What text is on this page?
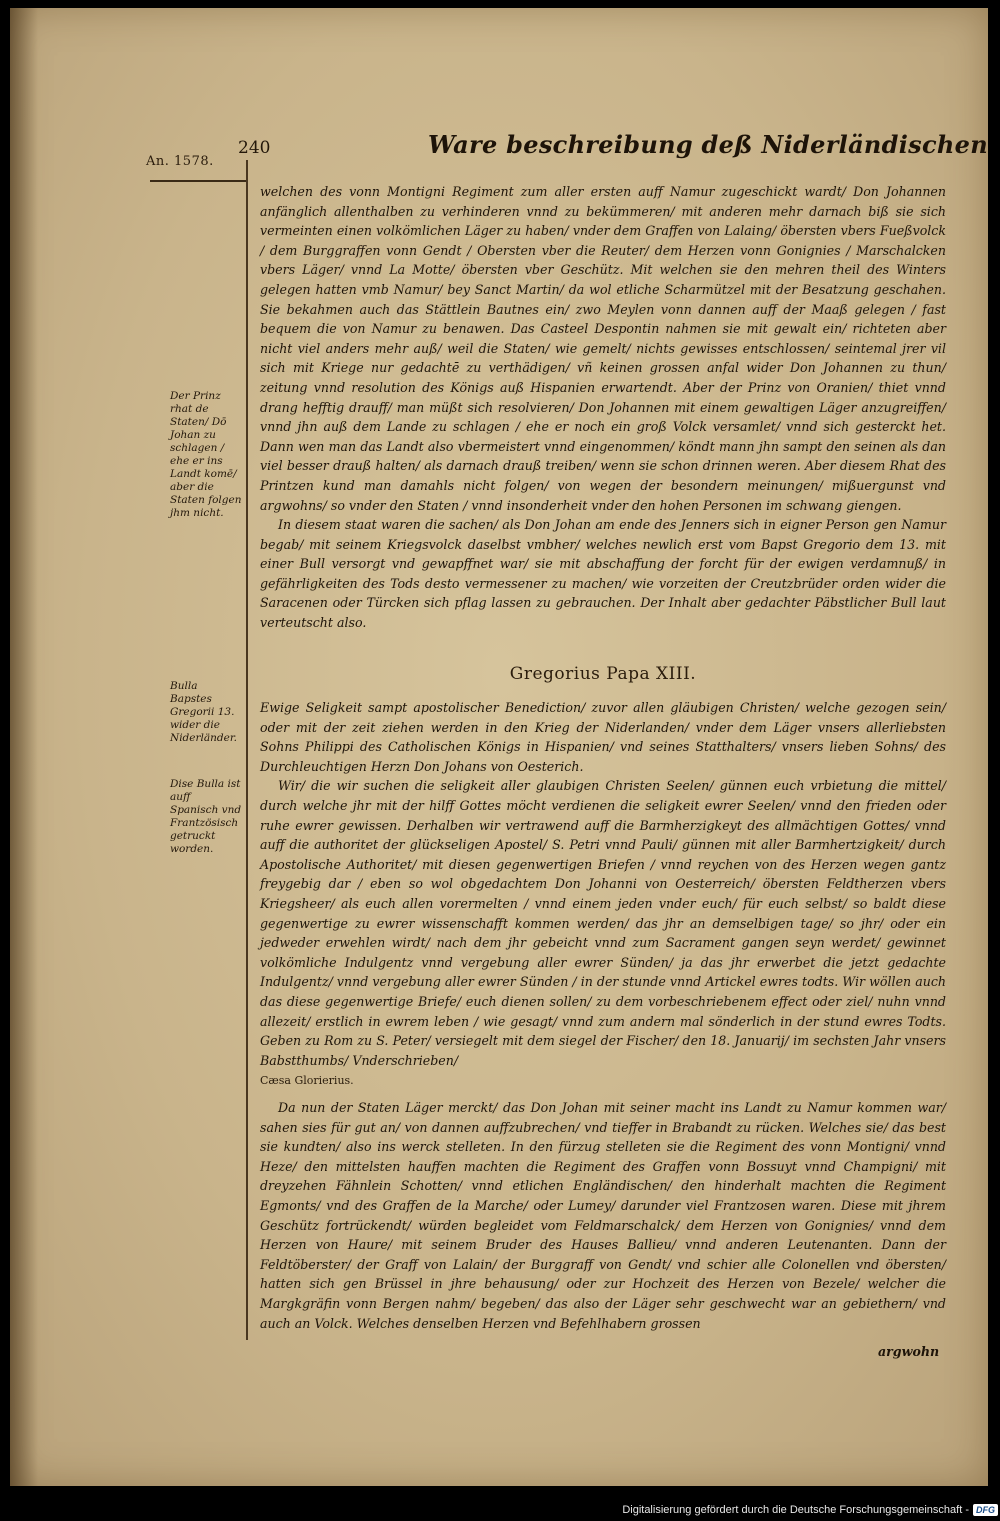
An. 1578.
240	Ware beschreibung deß Niderländischen
Der Prinz rhat de Staten/ Dō Johan zu schlagen / ehe er ins Landt komē/ aber die Staten folgen jhm nicht.
Bulla Bapstes Gregorii 13. wider die Niderländer.
Dise Bulla ist auff Spanisch vnd Frantzösisch getruckt worden.

welchen des vonn Montigni Regiment zum aller ersten auff Namur zugeschickt wardt/ Don Johannen anfänglich allenthalben zu verhinderen vnnd zu bekümmeren/ mit anderen mehr darnach biß sie sich vermeinten einen volkömlichen Läger zu haben/ vnder dem Graffen von Lalaing/ öbersten vbers Fueßvolck / dem Burggraffen vonn Gendt / Obersten vber die Reuter/ dem Herzen vonn Gonignies / Marschalcken vbers Läger/ vnnd La Motte/ öbersten vber Geschütz. Mit welchen sie den mehren theil des Winters gelegen hatten vmb Namur/ bey Sanct Martin/ da wol etliche Scharmützel mit der Besatzung geschahen. Sie bekahmen auch das Stättlein Bautnes ein/ zwo Meylen vonn dannen auff der Maaß gelegen / fast bequem die von Namur zu benawen. Das Casteel Despontin nahmen sie mit gewalt ein/ richteten aber nicht viel anders mehr auß/ weil die Staten/ wie gemelt/ nichts gewisses entschlossen/ seintemal jrer vil sich mit Kriege nur gedachtē zu verthädigen/ vñ keinen grossen anfal wider Don Johannen zu thun/ zeitung vnnd resolution des Königs auß Hispanien erwartendt. Aber der Prinz von Oranien/ thiet vnnd drang hefftig drauff/ man müßt sich resolvieren/ Don Johannen mit einem gewaltigen Läger anzugreiffen/ vnnd jhn auß dem Lande zu schlagen / ehe er noch ein groß Volck versamlet/ vnnd sich gesterckt het. Dann wen man das Landt also vbermeistert vnnd eingenommen/ köndt mann jhn sampt den seinen als dan viel besser drauß halten/ als darnach drauß treiben/ wenn sie schon drinnen weren. Aber diesem Rhat des Printzen kund man damahls nicht folgen/ von wegen der besondern meinungen/ mißuergunst vnd argwohns/ so vnder den Staten / vnnd insonderheit vnder den hohen Personen im schwang giengen.

In diesem staat waren die sachen/ als Don Johan am ende des Jenners sich in eigner Person gen Namur begab/ mit seinem Kriegsvolck daselbst vmbher/ welches newlich erst vom Bapst Gregorio dem 13. mit einer Bull versorgt vnd gewapffnet war/ sie mit abschaffung der forcht für der ewigen verdamnuß/ in gefährligkeiten des Tods desto vermessener zu machen/ wie vorzeiten der Creutzbrüder orden wider die Saracenen oder Türcken sich pflag lassen zu gebrauchen. Der Inhalt aber gedachter Päbstlicher Bull laut verteutscht also.

Gregorius Papa XIII.

Ewige Seligkeit sampt apostolischer Benediction/ zuvor allen gläubigen Christen/ welche gezogen sein/ oder mit der zeit ziehen werden in den Krieg der Niderlanden/ vnder dem Läger vnsers allerliebsten Sohns Philippi des Catholischen Königs in Hispanien/ vnd seines Statthalters/ vnsers lieben Sohns/ des Durchleuchtigen Herzn Don Johans von Oesterich.

Wir/ die wir suchen die seligkeit aller glaubigen Christen Seelen/ günnen euch vrbietung die mittel/ durch welche jhr mit der hilff Gottes möcht verdienen die seligkeit ewrer Seelen/ vnnd den frieden oder ruhe ewrer gewissen. Derhalben wir vertrawend auff die Barmherzigkeyt des allmächtigen Gottes/ vnnd auff die authoritet der glückseligen Apostel/ S. Petri vnnd Pauli/ günnen mit aller Barmhertzigkeit/ durch Apostolische Authoritet/ mit diesen gegenwertigen Briefen / vnnd reychen von des Herzen wegen gantz freygebig dar / eben so wol obgedachtem Don Johanni von Oesterreich/ öbersten Feldtherzen vbers Kriegsheer/ als euch allen vorermelten / vnnd einem jeden vnder euch/ für euch selbst/ so baldt diese gegenwertige zu ewrer wissenschafft kommen werden/ das jhr an demselbigen tage/ so jhr/ oder ein jedweder erwehlen wirdt/ nach dem jhr gebeicht vnnd zum Sacrament gangen seyn werdet/ gewinnet volkömliche Indulgentz vnnd vergebung aller ewrer Sünden/ ja das jhr erwerbet die jetzt gedachte Indulgentz/ vnnd vergebung aller ewrer Sünden / in der stunde vnnd Artickel ewres todts. Wir wöllen auch das diese gegenwertige Briefe/ euch dienen sollen/ zu dem vorbeschriebenem effect oder ziel/ nuhn vnnd allezeit/ erstlich in ewrem leben / wie gesagt/ vnnd zum andern mal sönderlich in der stund ewres Todts. Geben zu Rom zu S. Peter/ versiegelt mit dem siegel der Fischer/ den 18. Januarij/ im sechsten Jahr vnsers Babstthumbs/ Vnderschrieben/

Cæsa Glorierius.

Da nun der Staten Läger merckt/ das Don Johan mit seiner macht ins Landt zu Namur kommen war/ sahen sies für gut an/ von dannen auffzubrechen/ vnd tieffer in Brabandt zu rücken. Welches sie/ das best sie kundten/ also ins werck stelleten. In den fürzug stelleten sie die Regiment des vonn Montigni/ vnnd Heze/ den mittelsten hauffen machten die Regiment des Graffen vonn Bossuyt vnnd Champigni/ mit dreyzehen Fähnlein Schotten/ vnnd etlichen Engländischen/ den hinderhalt machten die Regiment Egmonts/ vnd des Graffen de la Marche/ oder Lumey/ darunder viel Frantzosen waren. Diese mit jhrem Geschütz fortrückendt/ würden begleidet vom Feldmarschalck/ dem Herzen von Gonignies/ vnnd dem Herzen von Haure/ mit seinem Bruder des Hauses Ballieu/ vnnd anderen Leutenanten. Dann der Feldtöberster/ der Graff von Lalain/ der Burggraff von Gendt/ vnd schier alle Colonellen vnd öbersten/ hatten sich gen Brüssel in jhre behausung/ oder zur Hochzeit des Herzen von Bezele/ welcher die Margkgräfin vonn Bergen nahm/ begeben/ das also der Läger sehr geschwecht war an gebiethern/ vnd auch an Volck. Welches denselben Herzen vnd Befehlhabern grossen

argwohn
Digitalisierung gefördert durch die Deutsche Forschungsgemeinschaft - DFG
